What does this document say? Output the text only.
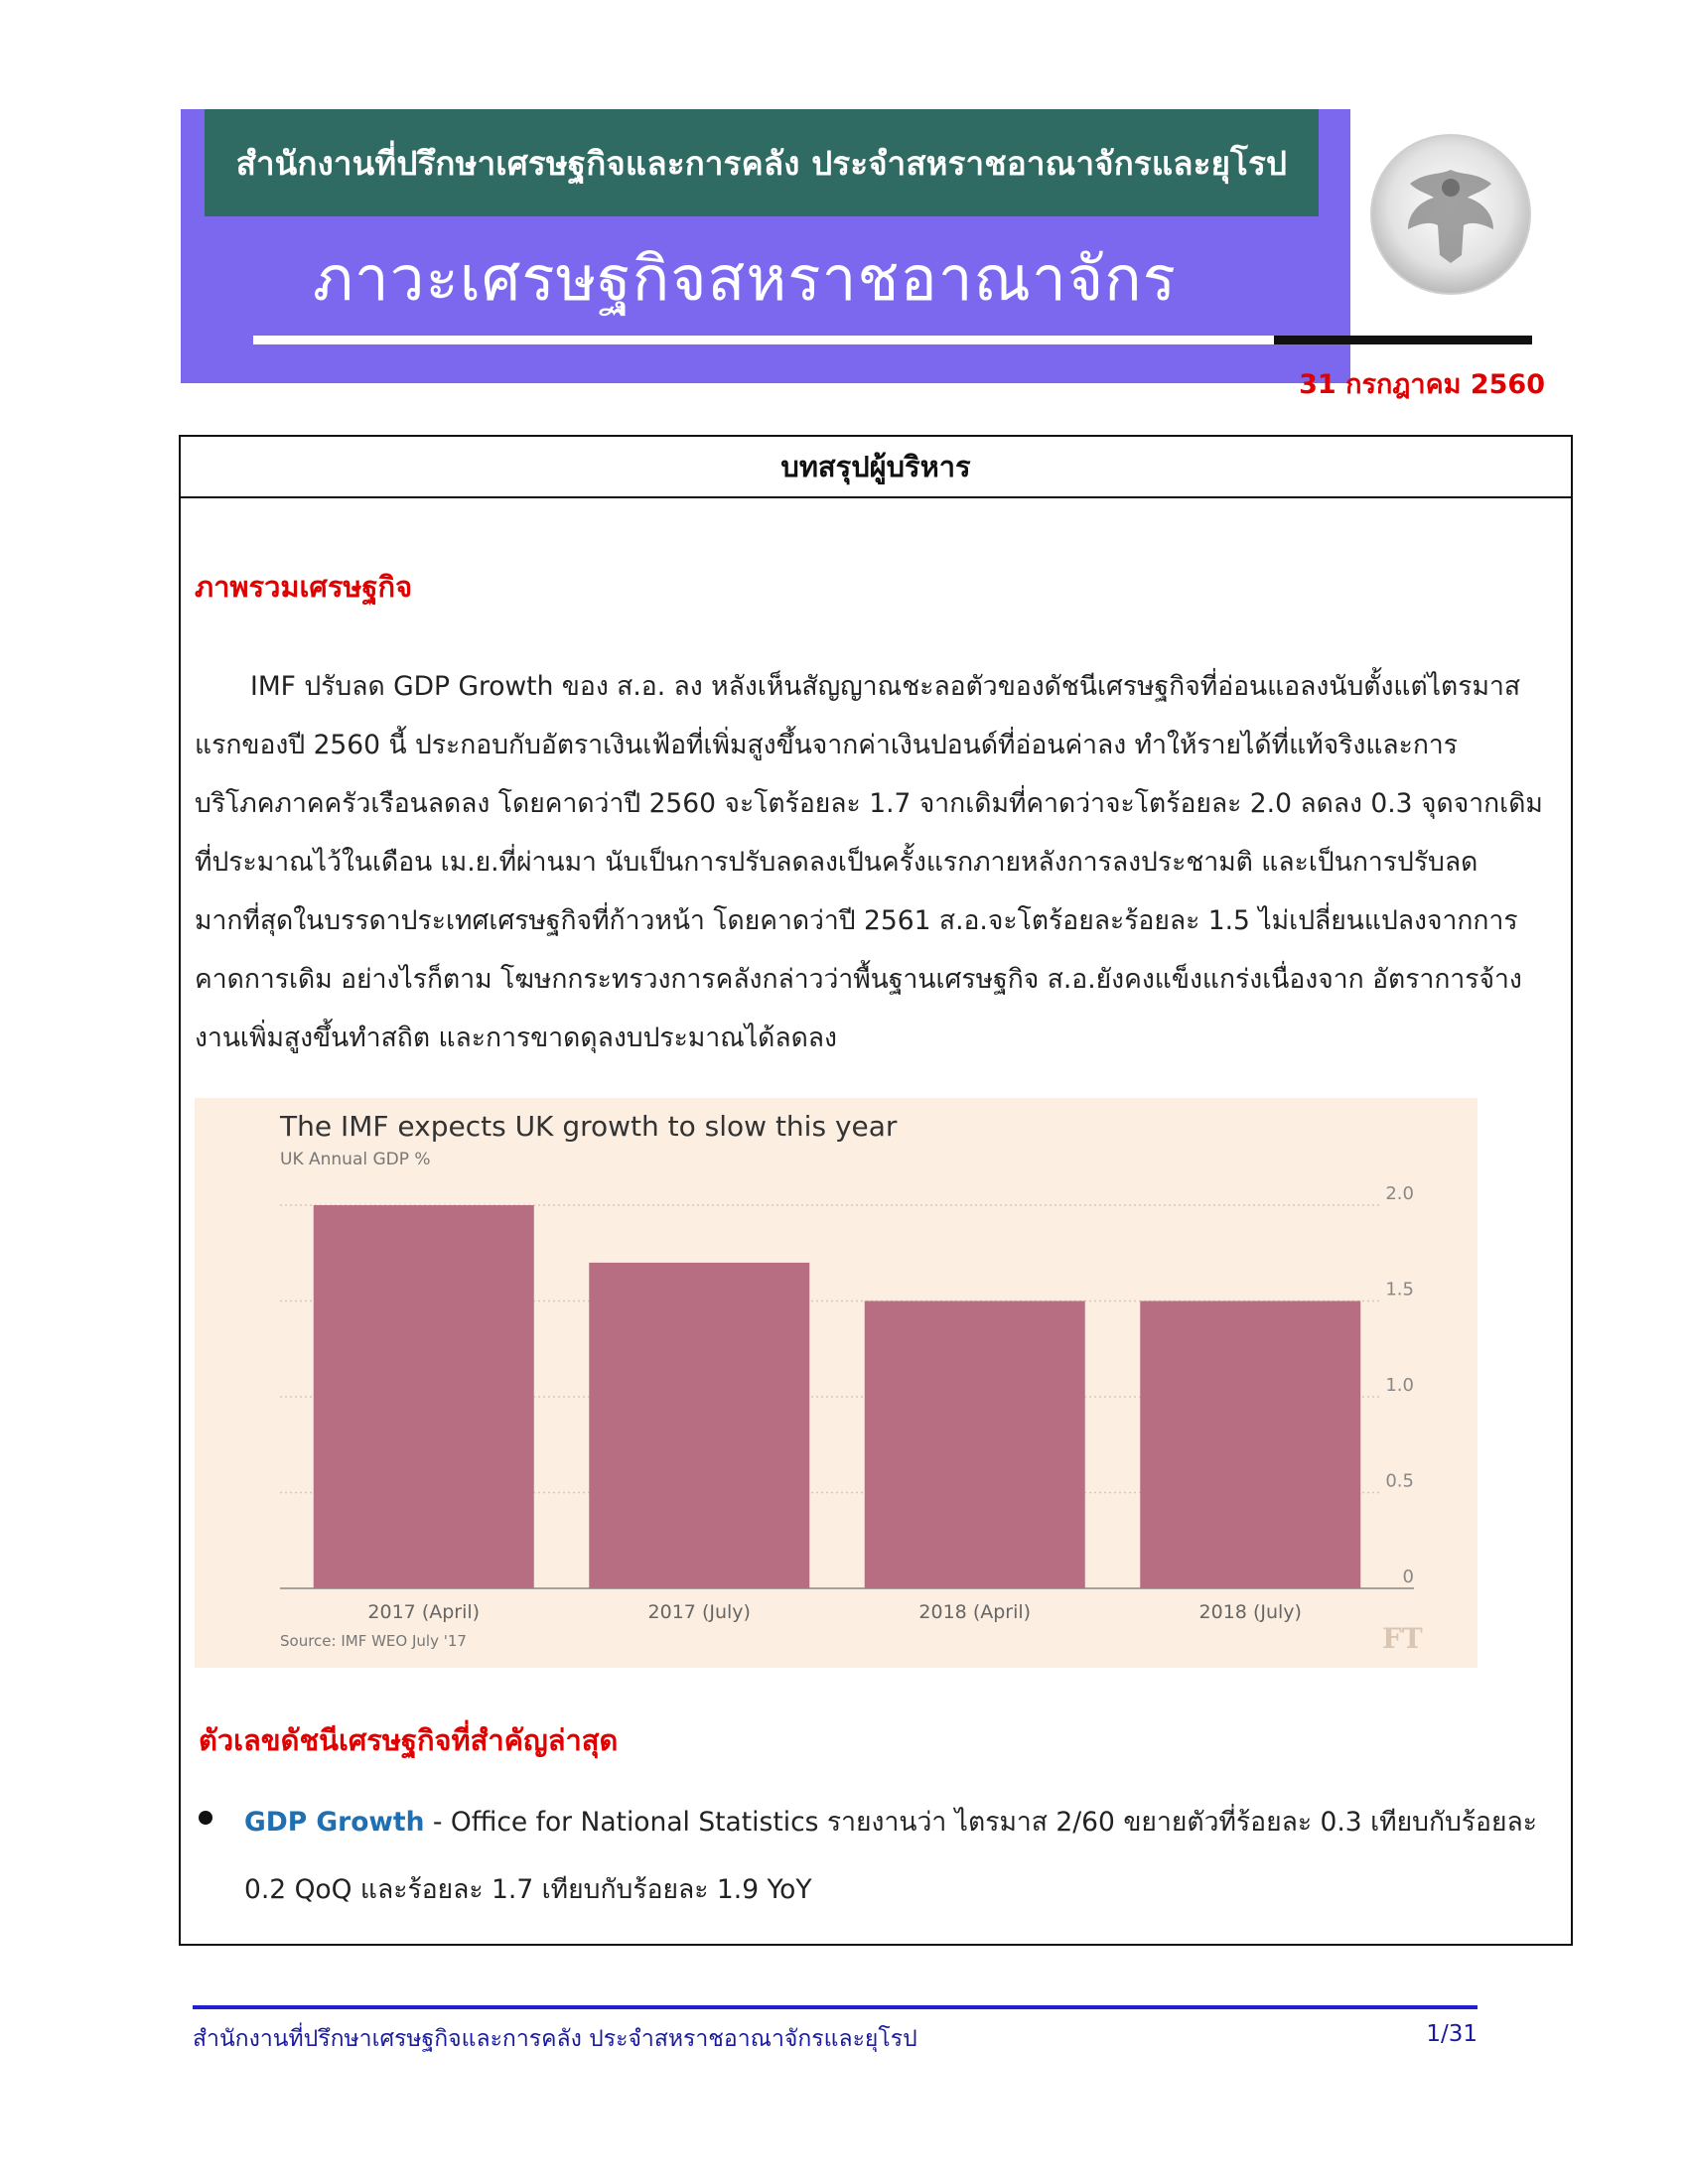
สำนักงานที่ปรึกษาเศรษฐกิจและการคลัง ประจำสหราชอาณาจักรและยุโรป
ภาวะเศรษฐกิจสหราชอาณาจักร
31 กรกฎาคม 2560
บทสรุปผู้บริหาร
ภาพรวมเศรษฐกิจ
IMF ปรับลด GDP Growth ของ ส.อ. ลง หลังเห็นสัญญาณชะลอตัวของดัชนีเศรษฐกิจที่อ่อนแอลงนับตั้งแต่ไตรมาส
แรกของปี 2560 นี้ ประกอบกับอัตราเงินเฟ้อที่เพิ่มสูงขึ้นจากค่าเงินปอนด์ที่อ่อนค่าลง ทำให้รายได้ที่แท้จริงและการ
บริโภคภาคครัวเรือนลดลง โดยคาดว่าปี 2560 จะโตร้อยละ 1.7 จากเดิมที่คาดว่าจะโตร้อยละ 2.0 ลดลง 0.3 จุดจากเดิม
ที่ประมาณไว้ในเดือน เม.ย.ที่ผ่านมา นับเป็นการปรับลดลงเป็นครั้งแรกภายหลังการลงประชามติ และเป็นการปรับลด
มากที่สุดในบรรดาประเทศเศรษฐกิจที่ก้าวหน้า โดยคาดว่าปี 2561 ส.อ.จะโตร้อยละร้อยละ 1.5 ไม่เปลี่ยนแปลงจากการ
คาดการเดิม อย่างไรก็ตาม โฆษกกระทรวงการคลังกล่าวว่าพื้นฐานเศรษฐกิจ ส.อ.ยังคงแข็งแกร่งเนื่องจาก อัตราการจ้าง
งานเพิ่มสูงขึ้นทำสถิต และการขาดดุลงบประมาณได้ลดลง
0
0.5
1.0
1.5
2.0
2017 (April)	2017 (July)	2018 (April)	2018 (July)
The IMF expects UK growth to slow this year
UK Annual GDP %
Source: IMF WEO July '17	FT
ตัวเลขดัชนีเศรษฐกิจที่สำคัญล่าสุด
GDP Growth - Office for National Statistics รายงานว่า ไตรมาส 2/60 ขยายตัวที่ร้อยละ 0.3 เทียบกับร้อยละ
0.2 QoQ และร้อยละ 1.7 เทียบกับร้อยละ 1.9 YoY
สำนักงานที่ปรึกษาเศรษฐกิจและการคลัง ประจำสหราชอาณาจักรและยุโรป	1/31
